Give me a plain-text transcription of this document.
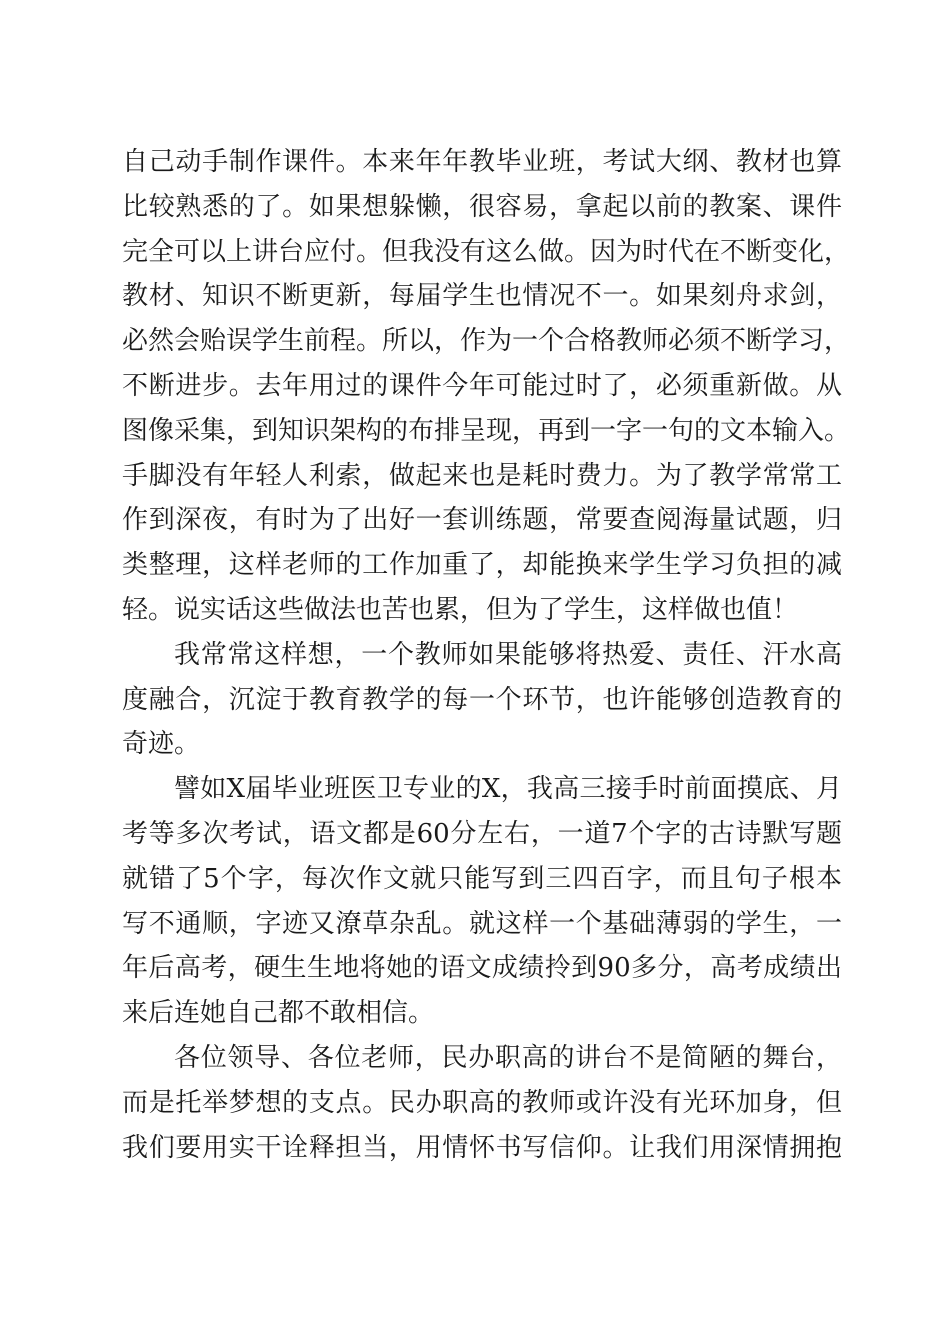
自己动手制作课件。本来年年教毕业班，考试大纲、教材也算
比较熟悉的了。如果想躲懒，很容易，拿起以前的教案、课件
完全可以上讲台应付。但我没有这么做。因为时代在不断变化，
教材、知识不断更新，每届学生也情况不一。如果刻舟求剑，
必然会贻误学生前程。所以，作为一个合格教师必须不断学习，
不断进步。去年用过的课件今年可能过时了，必须重新做。从
图像采集，到知识架构的布排呈现，再到一字一句的文本输入。
手脚没有年轻人利索，做起来也是耗时费力。为了教学常常工
作到深夜，有时为了出好一套训练题，常要查阅海量试题，归
类整理，这样老师的工作加重了，却能换来学生学习负担的减
轻。说实话这些做法也苦也累，但为了学生，这样做也值！
我常常这样想，一个教师如果能够将热爱、责任、汗水高
度融合，沉淀于教育教学的每一个环节，也许能够创造教育的
奇迹。
譬如X届毕业班医卫专业的X，我高三接手时前面摸底、月
考等多次考试，语文都是60分左右，一道7个字的古诗默写题
就错了5个字，每次作文就只能写到三四百字，而且句子根本
写不通顺，字迹又潦草杂乱。就这样一个基础薄弱的学生，一
年后高考，硬生生地将她的语文成绩拎到90多分，高考成绩出
来后连她自己都不敢相信。
各位领导、各位老师，民办职高的讲台不是简陋的舞台，
而是托举梦想的支点。民办职高的教师或许没有光环加身，但
我们要用实干诠释担当，用情怀书写信仰。让我们用深情拥抱
